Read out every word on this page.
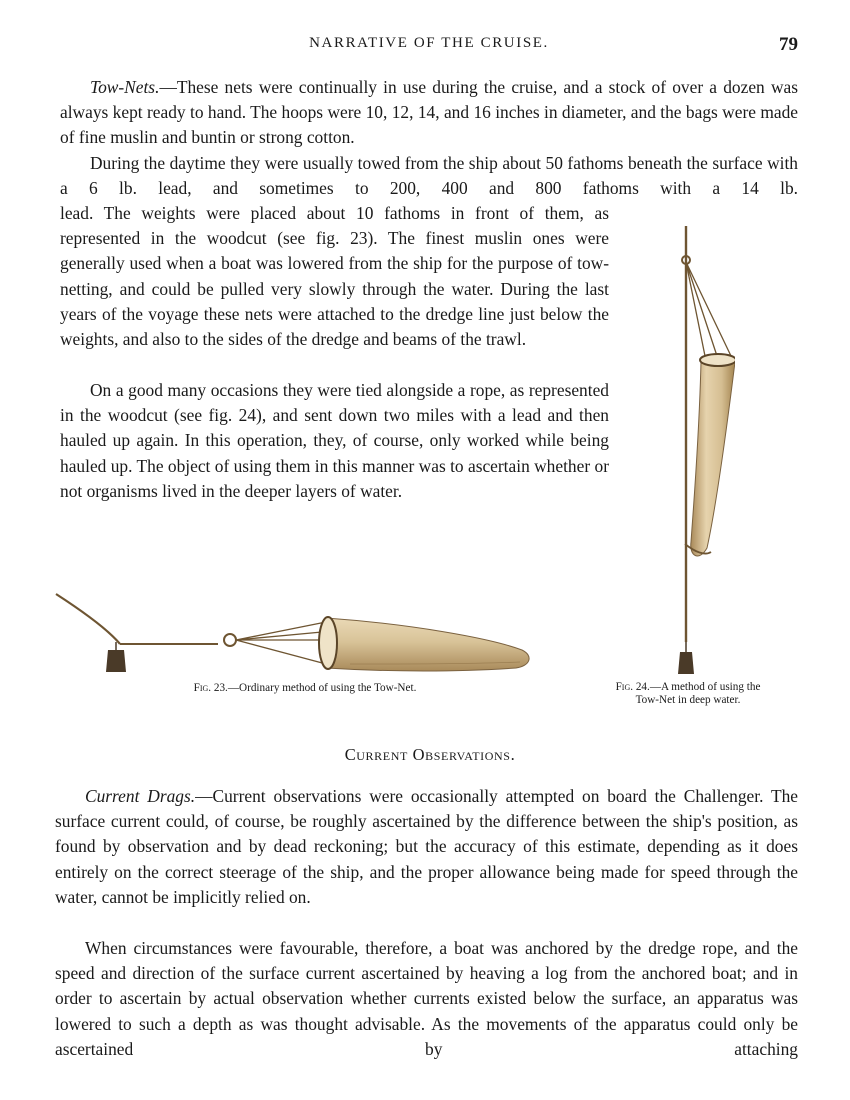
NARRATIVE OF THE CRUISE.	79

Tow-Nets.—These nets were continually in use during the cruise, and a stock of over a dozen was always kept ready to hand. The hoops were 10, 12, 14, and 16 inches in diameter, and the bags were made of fine muslin and buntin or strong cotton.

During the daytime they were usually towed from the ship about 50 fathoms beneath the surface with a 6 lb. lead, and sometimes to 200, 400 and 800 fathoms with a 14 lb.

lead. The weights were placed about 10 fathoms in front of them, as represented in the woodcut (see fig. 23). The finest muslin ones were generally used when a boat was lowered from the ship for the purpose of tow-netting, and could be pulled very slowly through the water. During the last years of the voyage these nets were attached to the dredge line just below the weights, and also to the sides of the dredge and beams of the trawl.

On a good many occasions they were tied alongside a rope, as represented in the woodcut (see fig. 24), and sent down two miles with a lead and then hauled up again. In this operation, they, of course, only worked while being hauled up. The object of using them in this manner was to ascertain whether or not organisms lived in the deeper layers of water.

Fig. 23.—Ordinary method of using the Tow-Net.	Fig. 24.—A method of using the
Tow-Net in deep water.
Current Observations.

Current Drags.—Current observations were occasionally attempted on board the Challenger. The surface current could, of course, be roughly ascertained by the difference between the ship's position, as found by observation and by dead reckoning; but the accuracy of this estimate, depending as it does entirely on the correct steerage of the ship, and the proper allowance being made for speed through the water, cannot be implicitly relied on.

When circumstances were favourable, therefore, a boat was anchored by the dredge rope, and the speed and direction of the surface current ascertained by heaving a log from the anchored boat; and in order to ascertain by actual observation whether currents existed below the surface, an apparatus was lowered to such a depth as was thought advisable. As the movements of the apparatus could only be ascertained by attaching
